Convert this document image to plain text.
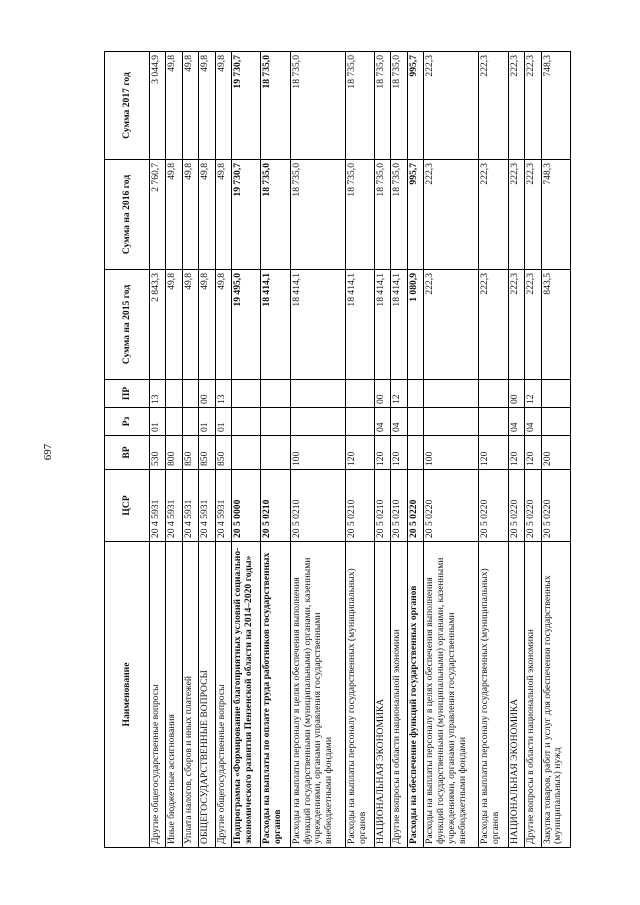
697
Наименование	ЦСР	ВР	Рз	ПР	Сумма на 2015 год	Сумма на 2016 год	Сумма 2017 год
Другие общегосударственные вопросы	20 4 5931	530	01	13	2 843,3	2 760,7	3 044,9
Иные бюджетные ассигнования	20 4 5931	800			49,8	49,8	49,8
Уплата налогов, сборов и иных платежей	20 4 5931	850			49,8	49,8	49,8
ОБЩЕГОСУДАРСТВЕННЫЕ ВОПРОСЫ	20 4 5931	850	01	00	49,8	49,8	49,8
Другие общегосударственные вопросы	20 4 5931	850	01	13	49,8	49,8	49,8
Подпрограмма «Формирование благоприятных условий социально-экономического развития Пензенской области на 2014–2020 годы»	20 5 0000				19 495,0	19 730,7	19 730,7
Расходы на выплаты по оплате труда работников государственных органов	20 5 0210				18 414,1	18 735,0	18 735,0
Расходы на выплаты персоналу в целях обеспечения выполнения функций государственными (муниципальными) органами, казенными учреждениями, органами управления государственными внебюджетными фондами	20 5 0210	100			18 414,1	18 735,0	18 735,0
Расходы на выплаты персоналу государственных (муниципальных) органов	20 5 0210	120			18 414,1	18 735,0	18 735,0
НАЦИОНАЛЬНАЯ ЭКОНОМИКА	20 5 0210	120	04	00	18 414,1	18 735,0	18 735,0
Другие вопросы в области национальной экономики	20 5 0210	120	04	12	18 414,1	18 735,0	18 735,0
Расходы на обеспечение функций государственных органов	20 5 0220				1 080,9	995,7	995,7
Расходы на выплаты персоналу в целях обеспечения выполнения функций государственными (муниципальными) органами, казенными учреждениями, органами управления государственными внебюджетными фондами	20 5 0220	100			222,3	222,3	222,3
Расходы на выплаты персоналу государственных (муниципальных) органов	20 5 0220	120			222,3	222,3	222,3
НАЦИОНАЛЬНАЯ ЭКОНОМИКА	20 5 0220	120	04	00	222,3	222,3	222,3
Другие вопросы в области национальной экономики	20 5 0220	120	04	12	222,3	222,3	222,3
Закупка товаров, работ и услуг для обеспечения государственных (муниципальных) нужд	20 5 0220	200			843,5	748,3	748,3
